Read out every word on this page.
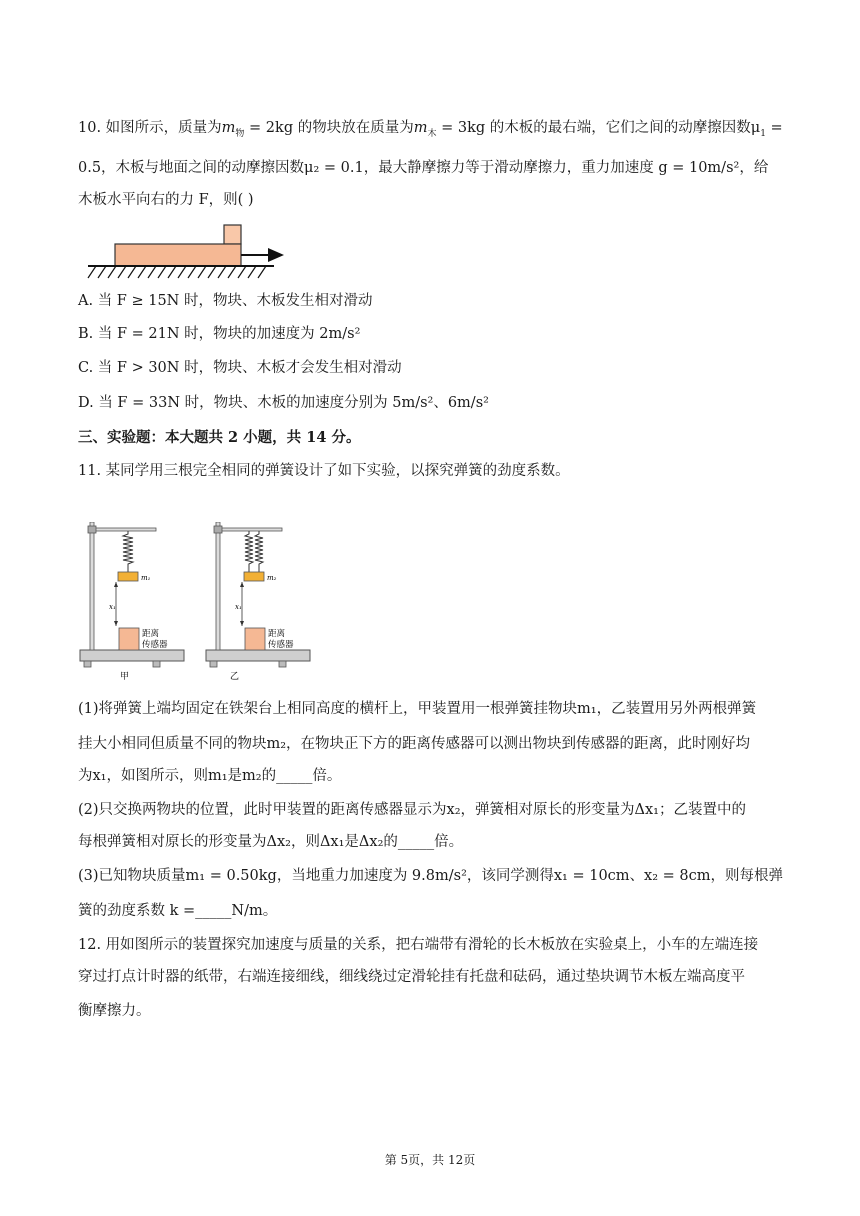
10. 如图所示，质量为$m_物 = 2kg$ 的物块放在质量为$m_木 = 3kg$ 的木板的最右端，它们之间的动摩擦因数$\mu_1$ =
0.5，木板与地面之间的动摩擦因数μ₂ = 0.1，最大静摩擦力等于滑动摩擦力，重力加速度 g = 10m/s²，给
木板水平向右的力 F，则( )
A. 当 F ≥ 15N 时，物块、木板发生相对滑动
B. 当 F = 21N 时，物块的加速度为 2m/s²
C. 当 F > 30N 时，物块、木板才会发生相对滑动
D. 当 F = 33N 时，物块、木板的加速度分别为 5m/s²、6m/s²
三、实验题：本大题共 2 小题，共 14 分。
11. 某同学用三根完全相同的弹簧设计了如下实验，以探究弹簧的劲度系数。
m₁
x₁
距离
传感器
甲
m₂
x₁
距离
传感器
乙
(1)将弹簧上端均固定在铁架台上相同高度的横杆上，甲装置用一根弹簧挂物块m₁，乙装置用另外两根弹簧
挂大小相同但质量不同的物块m₂，在物块正下方的距离传感器可以测出物块到传感器的距离，此时刚好均
为x₁，如图所示，则m₁是m₂的_____倍。
(2)只交换两物块的位置，此时甲装置的距离传感器显示为x₂，弹簧相对原长的形变量为Δx₁；乙装置中的
每根弹簧相对原长的形变量为Δx₂，则Δx₁是Δx₂的_____倍。
(3)已知物块质量m₁ = 0.50kg，当地重力加速度为 9.8m/s²，该同学测得x₁ = 10cm、x₂ = 8cm，则每根弹
簧的劲度系数 k =_____N/m。
12. 用如图所示的装置探究加速度与质量的关系，把右端带有滑轮的长木板放在实验桌上，小车的左端连接
穿过打点计时器的纸带，右端连接细线，细线绕过定滑轮挂有托盘和砝码，通过垫块调节木板左端高度平
衡摩擦力。
第 5页，共 12页
